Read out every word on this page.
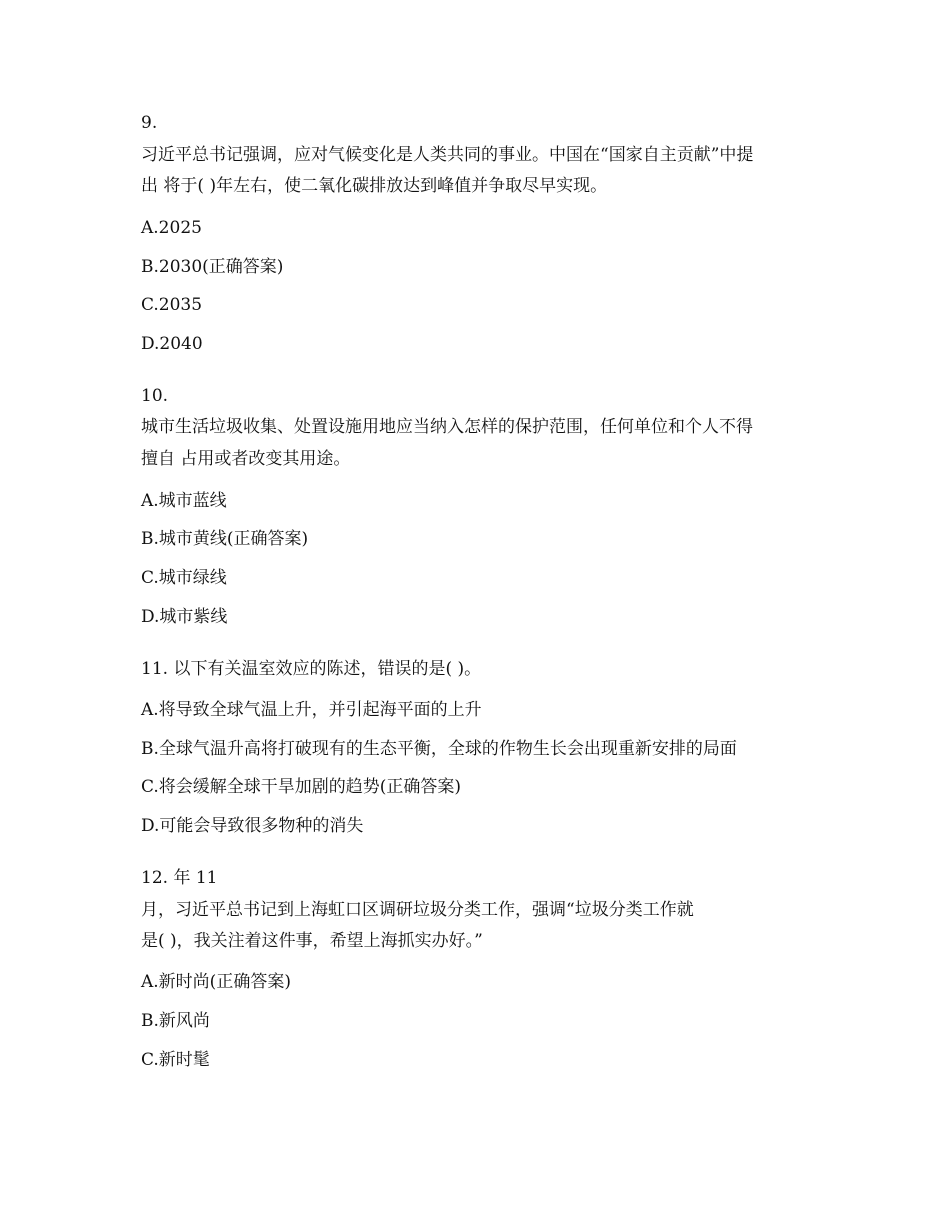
9.
习近平总书记强调，应对气候变化是人类共同的事业。中国在“国家自主贡献”中提
出 将于( )年左右，使二氧化碳排放达到峰值并争取尽早实现。
A.2025
B.2030(正确答案)
C.2035
D.2040
10.
城市生活垃圾收集、处置设施用地应当纳入怎样的保护范围，任何单位和个人不得
擅自 占用或者改变其用途。
A.城市蓝线
B.城市黄线(正确答案)
C.城市绿线
D.城市紫线
11. 以下有关温室效应的陈述，错误的是( )。
A.将导致全球气温上升，并引起海平面的上升
B.全球气温升高将打破现有的生态平衡，全球的作物生长会出现重新安排的局面
C.将会缓解全球干旱加剧的趋势(正确答案)
D.可能会导致很多物种的消失
12. 年 11
月，习近平总书记到上海虹口区调研垃圾分类工作，强调“垃圾分类工作就
是( )，我关注着这件事，希望上海抓实办好。”
A.新时尚(正确答案)
B.新风尚
C.新时髦
